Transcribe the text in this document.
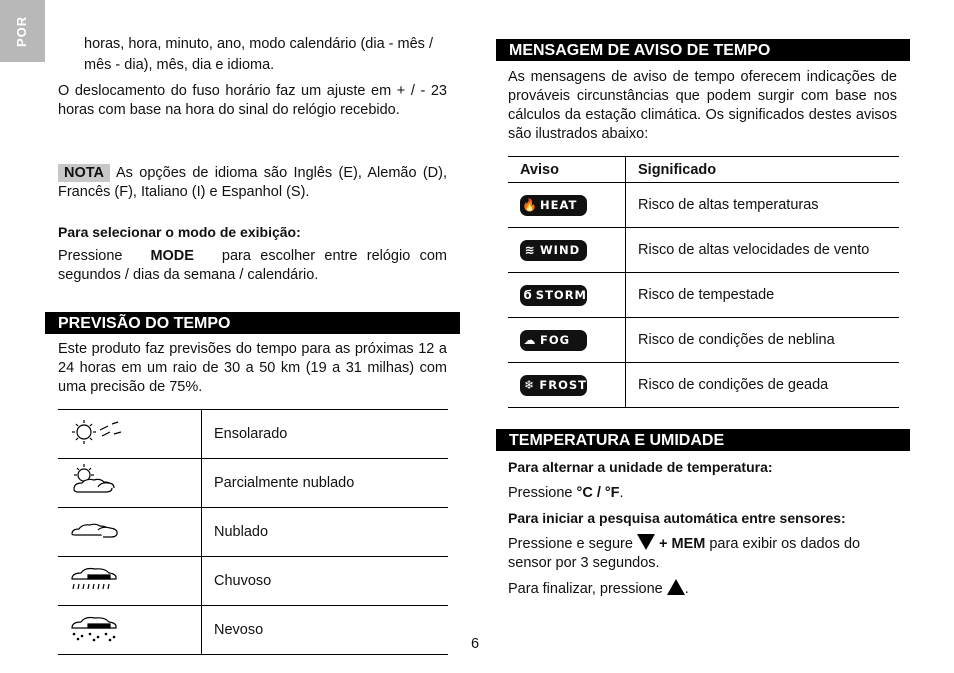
POR	horas, hora, minuto, ano, modo calendário (dia - mês /

mês - dia), mês, dia e idioma.

O deslocamento do fuso horário faz um ajuste em + / - 23 horas com base na hora do sinal do relógio recebido.

NOTA As opções de idioma são Inglês (E), Alemão (D), Francês (F), Italiano (I) e Espanhol (S).

Para selecionar o modo de exibição:

Pressione MODE para escolher entre relógio com segundos / dias da semana / calendário.

PREVISÃO DO TEMPO

Este produto faz previsões do tempo para as próximas 12 a 24 horas em um raio de 30 a 50 km (19 a 31 milhas) com uma precisão de 75%.

	Ensolarado
	Parcialmente nublado
	Nublado
	Chuvoso
	Nevoso
MENSAGEM DE AVISO DE TEMPO

As mensagens de aviso de tempo oferecem indicações de prováveis circunstâncias que podem surgir com base nos cálculos da estação climática. Os significados destes avisos são ilustrados abaixo:

Aviso	Significado

🔥 HEAT	Risco de altas temperaturas

≋ WIND	Risco de altas velocidades de vento

ϭ STORM	Risco de tempestade

☁ FOG	Risco de condições de neblina

❄ FROST	Risco de condições de geada
TEMPERATURA E UMIDADE

Para alternar a unidade de temperatura:

Pressione °C / °F.

Para iniciar a pesquisa automática entre sensores:

Pressione e segure + MEM para exibir os dados do sensor por 3 segundos.

Para finalizar, pressione .

6
